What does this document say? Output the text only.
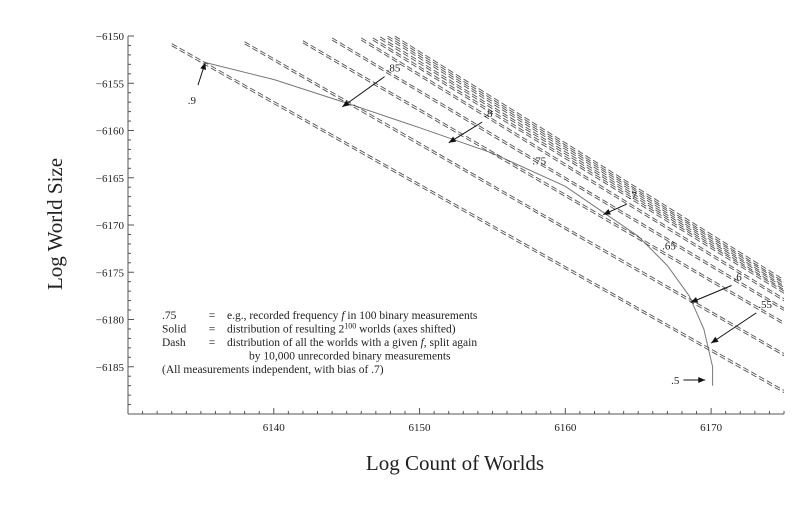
6140	6150	6160	6170
−6150
−6155
−6160
−6165
−6170
−6175
−6180
−6185
.9
.85
.8
.75
.7
.65
.6
.55
.5
Log World Size
Log Count of Worlds
.75	= e.g., recorded frequency f in 100 binary measurements
Solid = distribution of resulting $2^{100}$ worlds (axes shifted)
Dash = distribution of all the worlds with a given f, split again
by 10,000 unrecorded binary measurements
(All measurements independent, with bias of .7)
